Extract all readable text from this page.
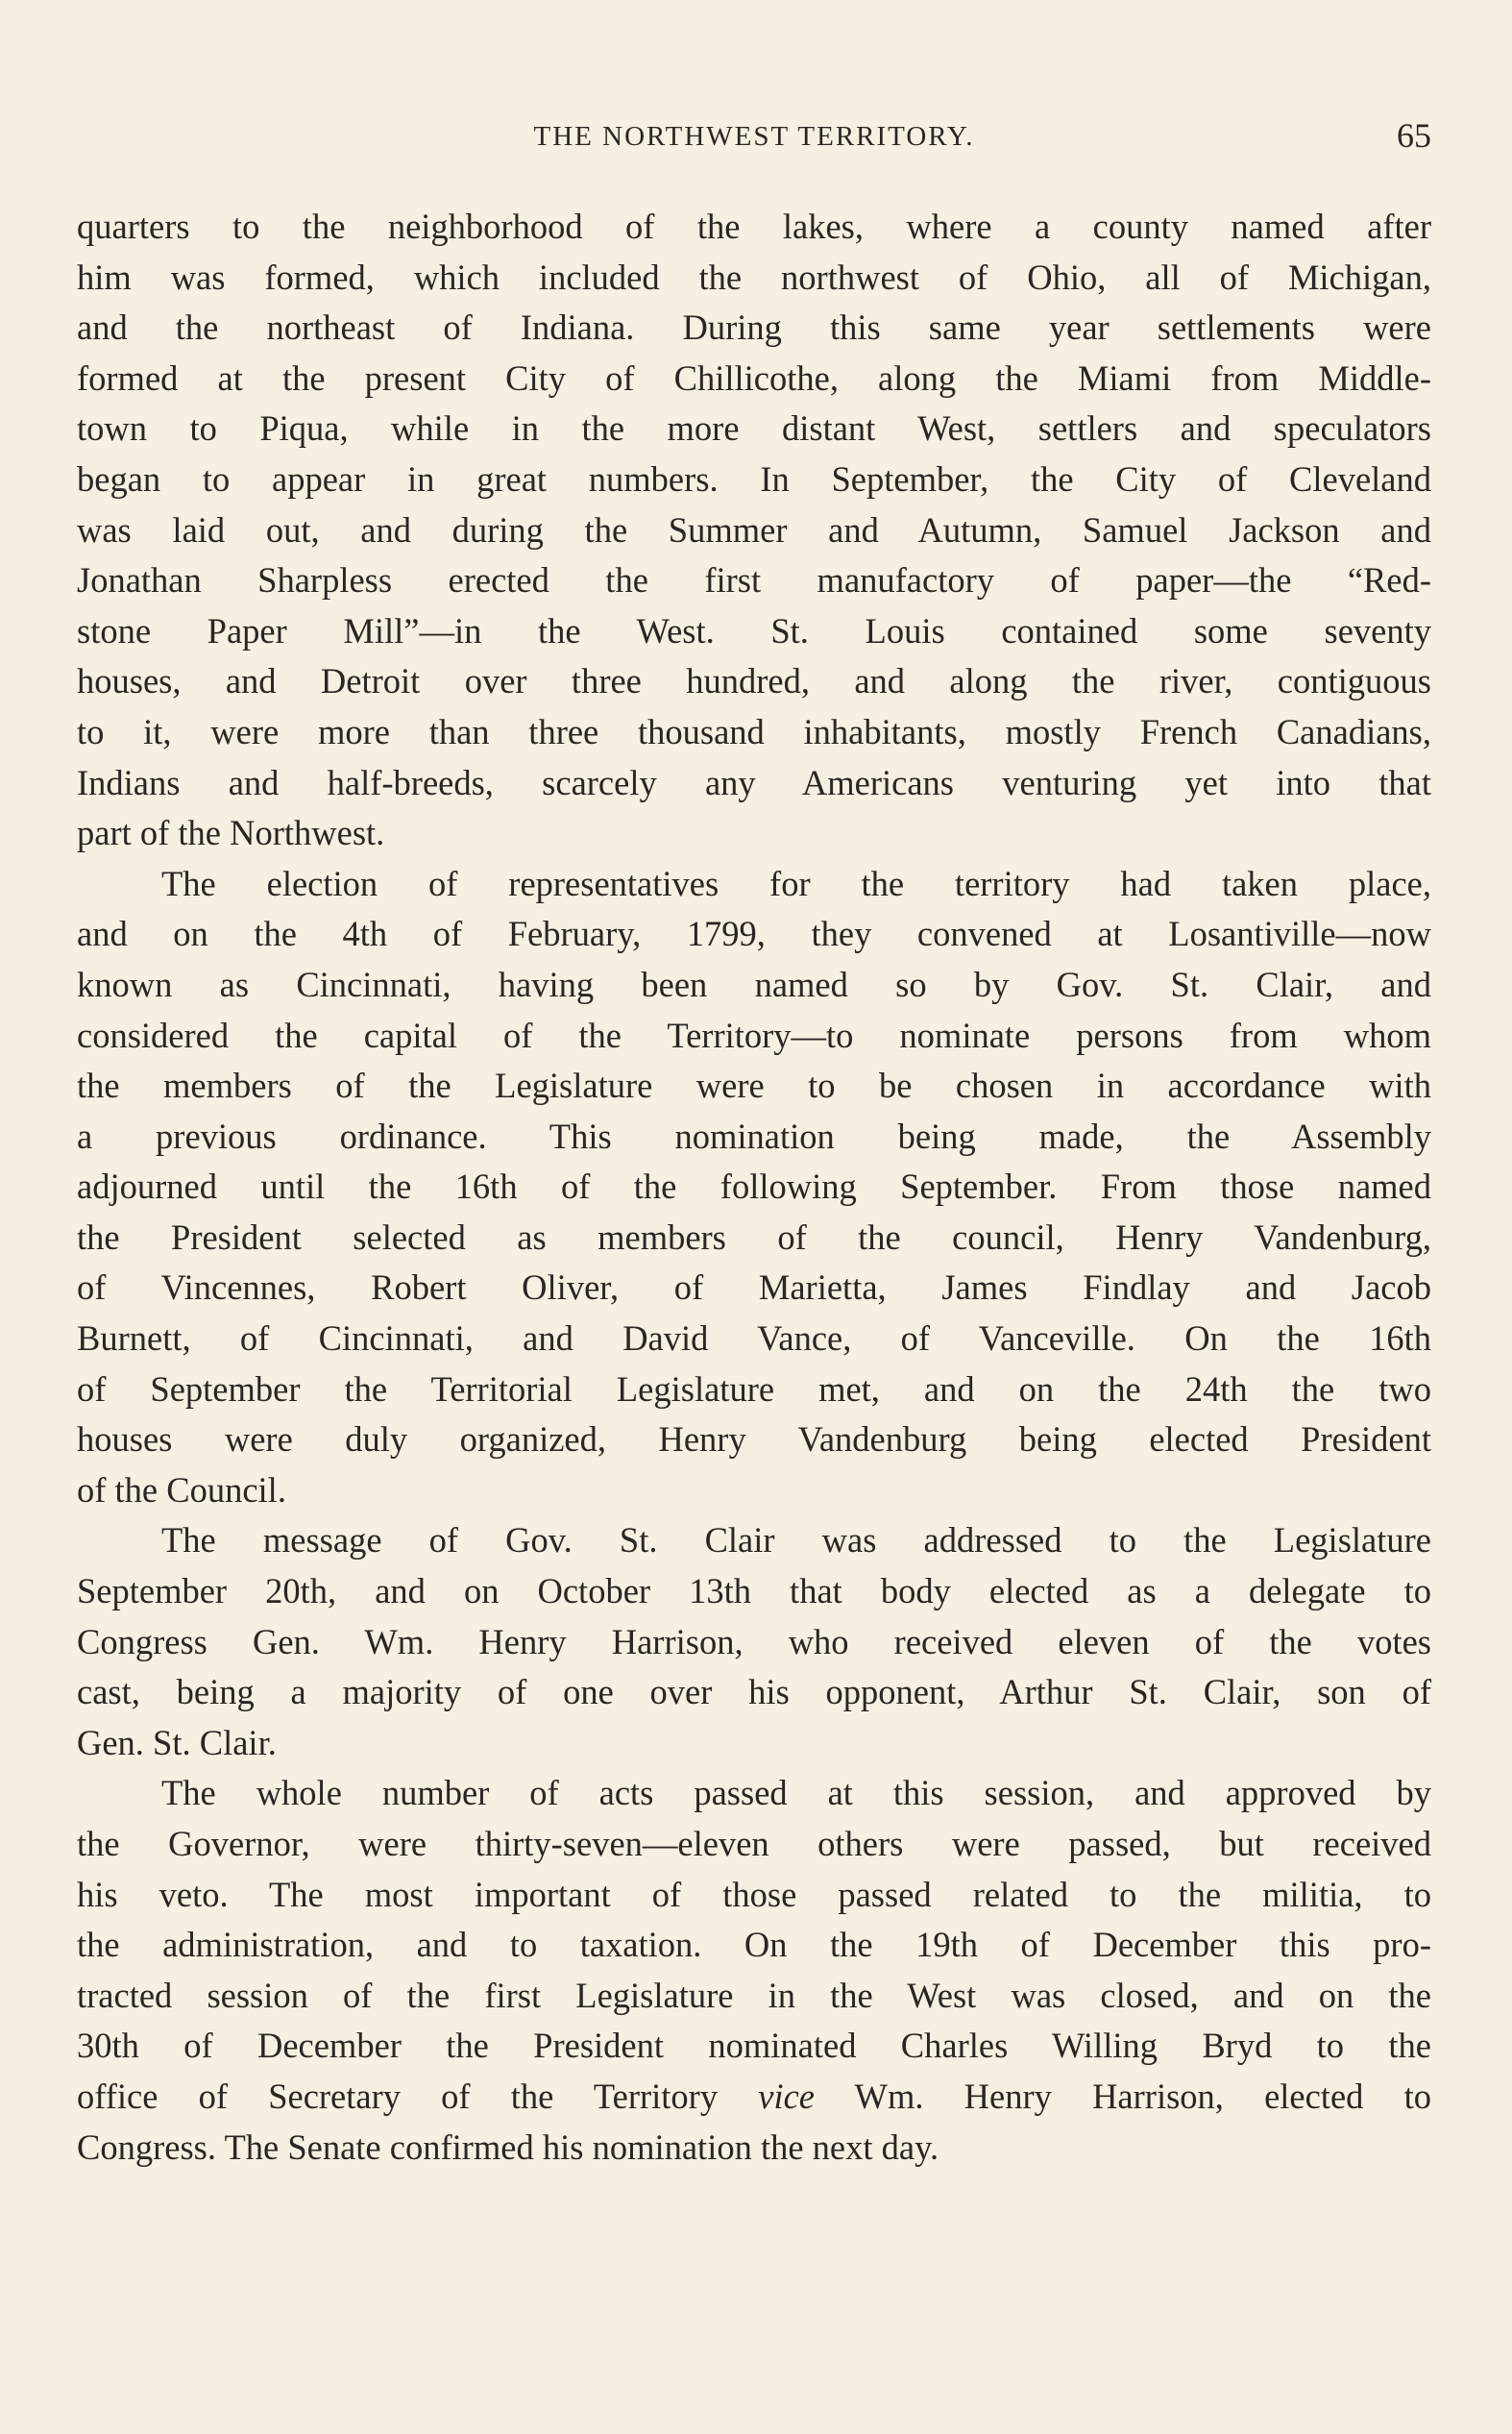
THE NORTHWEST TERRITORY.	65
quarters to the neighborhood of the lakes, where a county named after
him was formed, which included the northwest of Ohio, all of Michigan,
and the northeast of Indiana. During this same year settlements were
formed at the present City of Chillicothe, along the Miami from Middle-
town to Piqua, while in the more distant West, settlers and speculators
began to appear in great numbers. In September, the City of Cleveland
was laid out, and during the Summer and Autumn, Samuel Jackson and
Jonathan Sharpless erected the first manufactory of paper—the “Red-
stone Paper Mill”—in the West. St. Louis contained some seventy
houses, and Detroit over three hundred, and along the river, contiguous
to it, were more than three thousand inhabitants, mostly French Canadians,
Indians and half-breeds, scarcely any Americans venturing yet into that
part of the Northwest.
The election of representatives for the territory had taken place,
and on the 4th of February, 1799, they convened at Losantiville—now
known as Cincinnati, having been named so by Gov. St. Clair, and
considered the capital of the Territory—to nominate persons from whom
the members of the Legislature were to be chosen in accordance with
a previous ordinance. This nomination being made, the Assembly
adjourned until the 16th of the following September. From those named
the President selected as members of the council, Henry Vandenburg,
of Vincennes, Robert Oliver, of Marietta, James Findlay and Jacob
Burnett, of Cincinnati, and David Vance, of Vanceville. On the 16th
of September the Territorial Legislature met, and on the 24th the two
houses were duly organized, Henry Vandenburg being elected President
of the Council.
The message of Gov. St. Clair was addressed to the Legislature
September 20th, and on October 13th that body elected as a delegate to
Congress Gen. Wm. Henry Harrison, who received eleven of the votes
cast, being a majority of one over his opponent, Arthur St. Clair, son of
Gen. St. Clair.
The whole number of acts passed at this session, and approved by
the Governor, were thirty-seven—eleven others were passed, but received
his veto. The most important of those passed related to the militia, to
the administration, and to taxation. On the 19th of December this pro-
tracted session of the first Legislature in the West was closed, and on the
30th of December the President nominated Charles Willing Bryd to the
office of Secretary of the Territory vice Wm. Henry Harrison, elected to
Congress. The Senate confirmed his nomination the next day.
